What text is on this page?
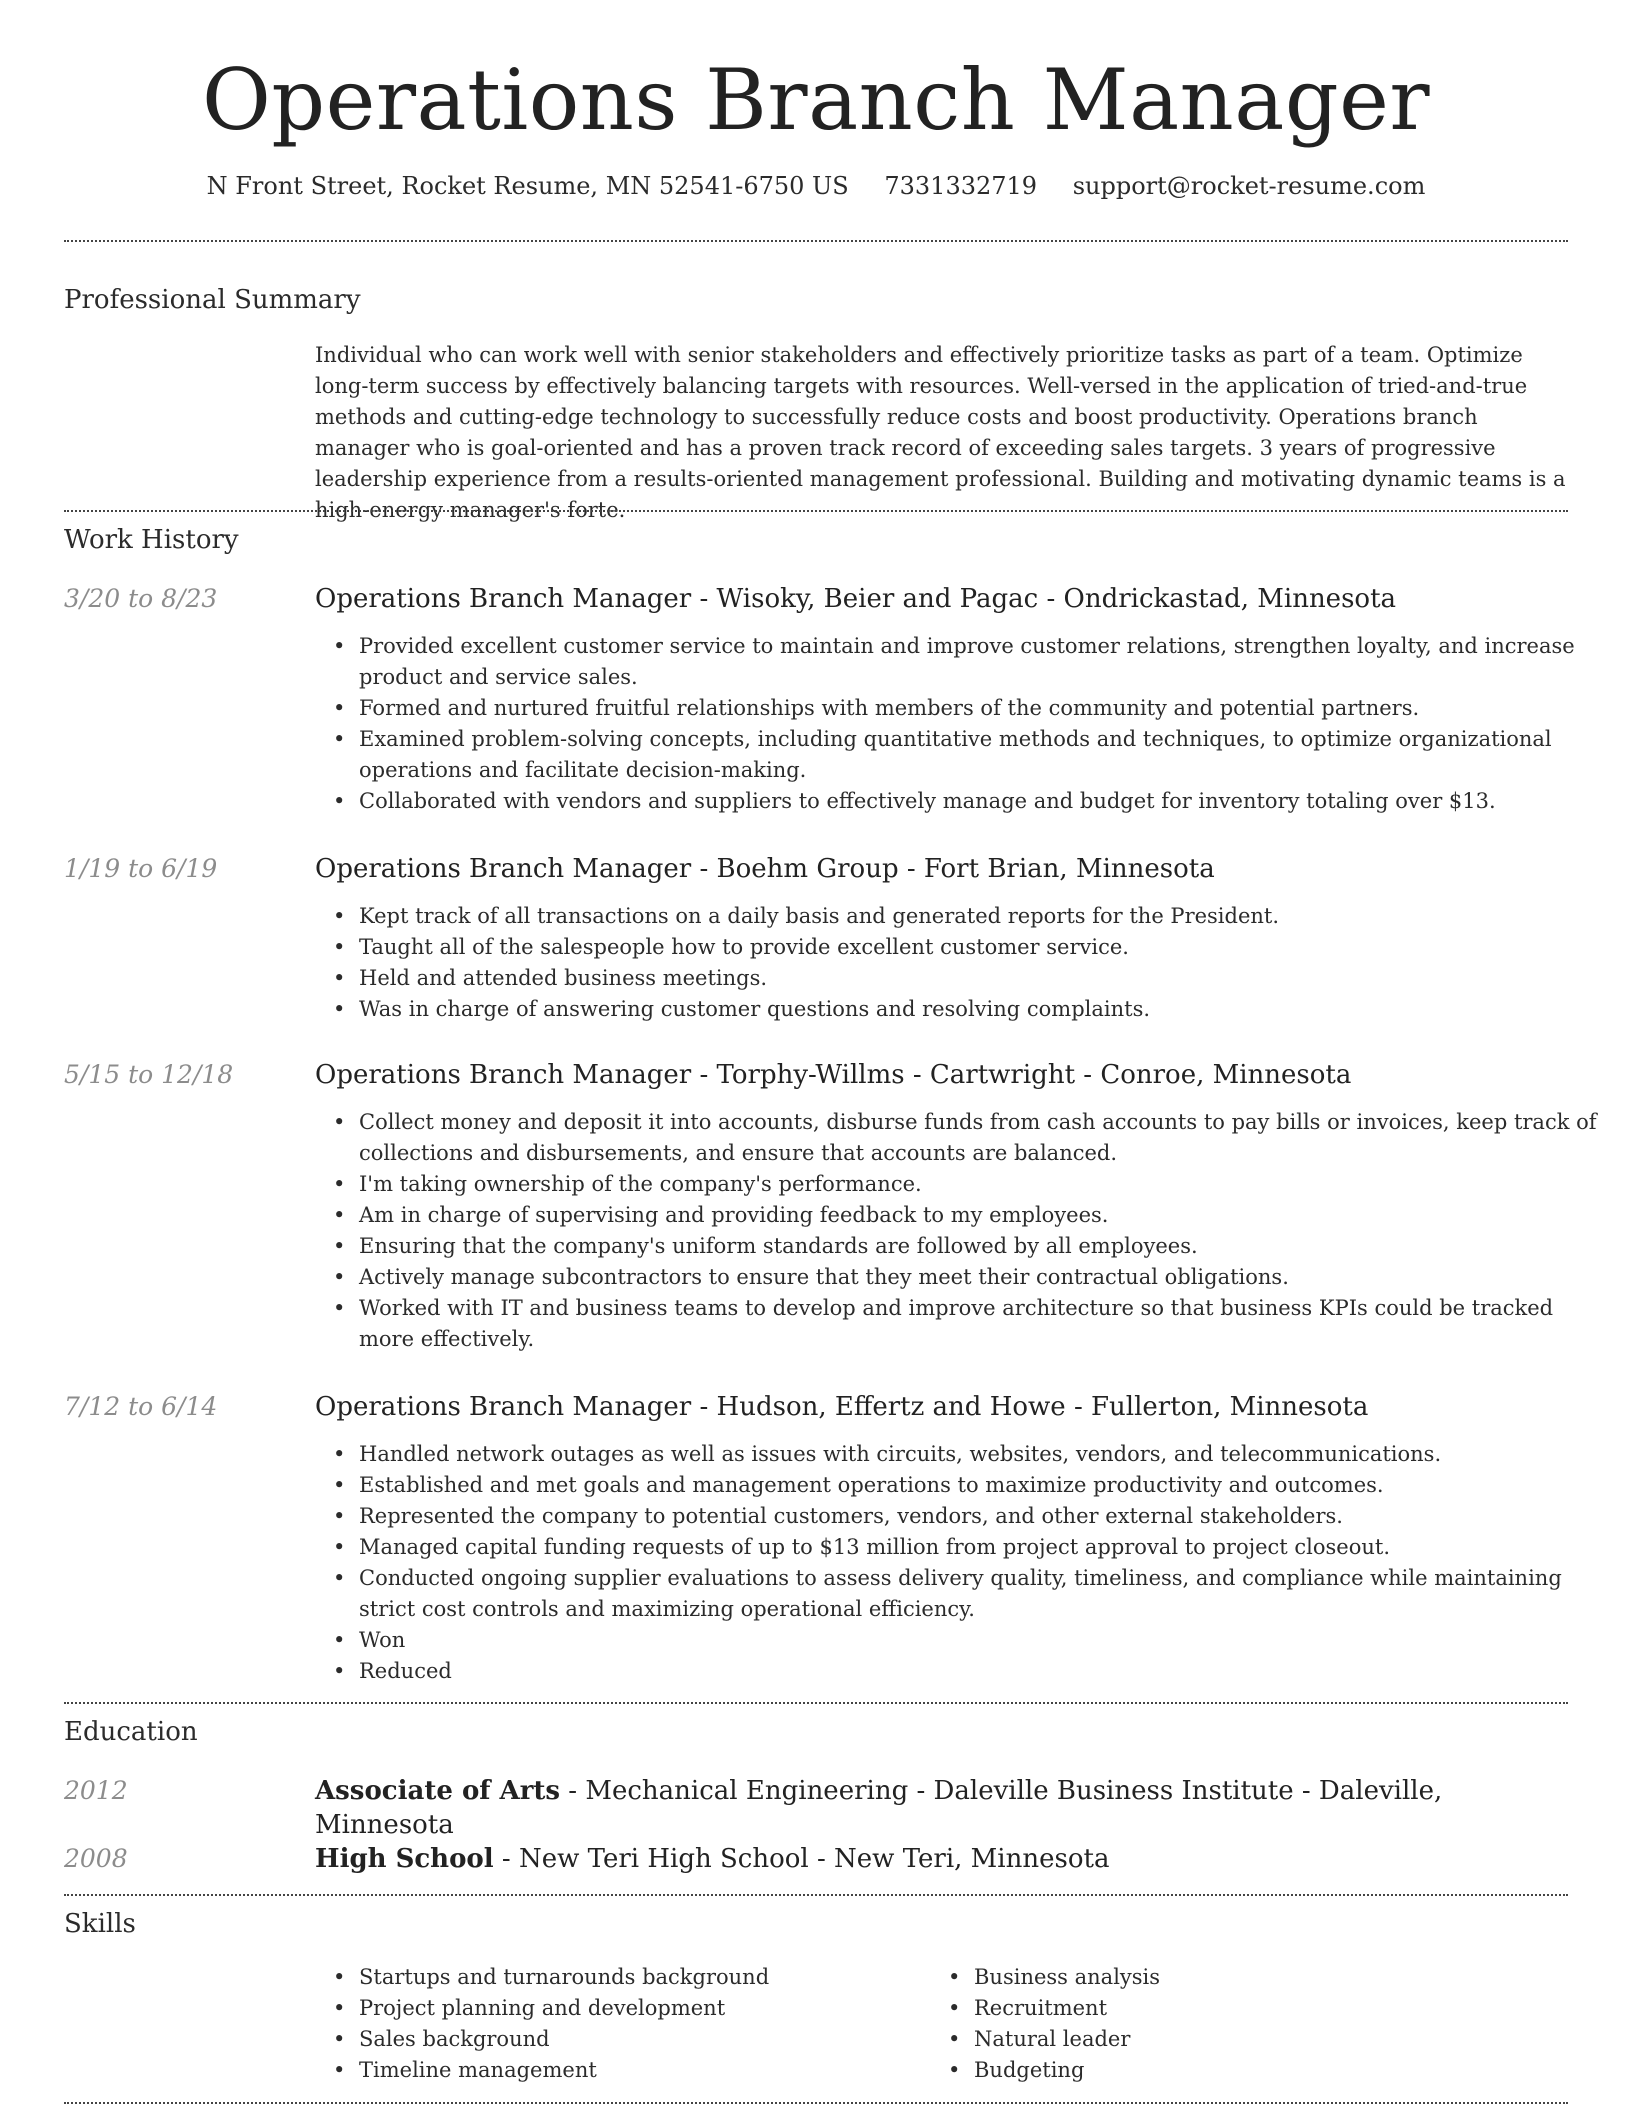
Operations Branch Manager
N Front Street, Rocket Resume, MN 52541-6750 US 7331332719 support@rocket-resume.com
Professional Summary

Individual who can work well with senior stakeholders and effectively prioritize tasks as part of a team. Optimize long-term success by effectively balancing targets with resources. Well-versed in the application of tried-and-true methods and cutting-edge technology to successfully reduce costs and boost productivity. Operations branch manager who is goal-oriented and has a proven track record of exceeding sales targets. 3 years of progressive leadership experience from a results-oriented management professional. Building and motivating dynamic teams is a high-energy manager's forte.

Work History
3/20 to 8/23	Operations Branch Manager - Wisoky, Beier and Pagac - Ondrickastad, Minnesota
• Provided excellent customer service to maintain and improve customer relations, strengthen loyalty, and increase product and service sales.
• Formed and nurtured fruitful relationships with members of the community and potential partners.
• Examined problem-solving concepts, including quantitative methods and techniques, to optimize organizational operations and facilitate decision-making.
• Collaborated with vendors and suppliers to effectively manage and budget for inventory totaling over $13.
1/19 to 6/19	Operations Branch Manager - Boehm Group - Fort Brian, Minnesota
• Kept track of all transactions on a daily basis and generated reports for the President.
• Taught all of the salespeople how to provide excellent customer service.
• Held and attended business meetings.
• Was in charge of answering customer questions and resolving complaints.
5/15 to 12/18	Operations Branch Manager - Torphy-Willms - Cartwright - Conroe, Minnesota
• Collect money and deposit it into accounts, disburse funds from cash accounts to pay bills or invoices, keep track of collections and disbursements, and ensure that accounts are balanced.
• I'm taking ownership of the company's performance.
• Am in charge of supervising and providing feedback to my employees.
• Ensuring that the company's uniform standards are followed by all employees.
• Actively manage subcontractors to ensure that they meet their contractual obligations.
• Worked with IT and business teams to develop and improve architecture so that business KPIs could be tracked more effectively.
7/12 to 6/14	Operations Branch Manager - Hudson, Effertz and Howe - Fullerton, Minnesota
• Handled network outages as well as issues with circuits, websites, vendors, and telecommunications.
• Established and met goals and management operations to maximize productivity and outcomes.
• Represented the company to potential customers, vendors, and other external stakeholders.
• Managed capital funding requests of up to $13 million from project approval to project closeout.
• Conducted ongoing supplier evaluations to assess delivery quality, timeliness, and compliance while maintaining strict cost controls and maximizing operational efficiency.
• Won
• Reduced
Education
2012	Associate of Arts - Mechanical Engineering - Daleville Business Institute - Daleville, Minnesota
2008	High School - New Teri High School - New Teri, Minnesota
Skills
• Startups and turnarounds background
• Project planning and development
• Sales background
• Timeline management
• Business analysis
• Recruitment
• Natural leader
• Budgeting
